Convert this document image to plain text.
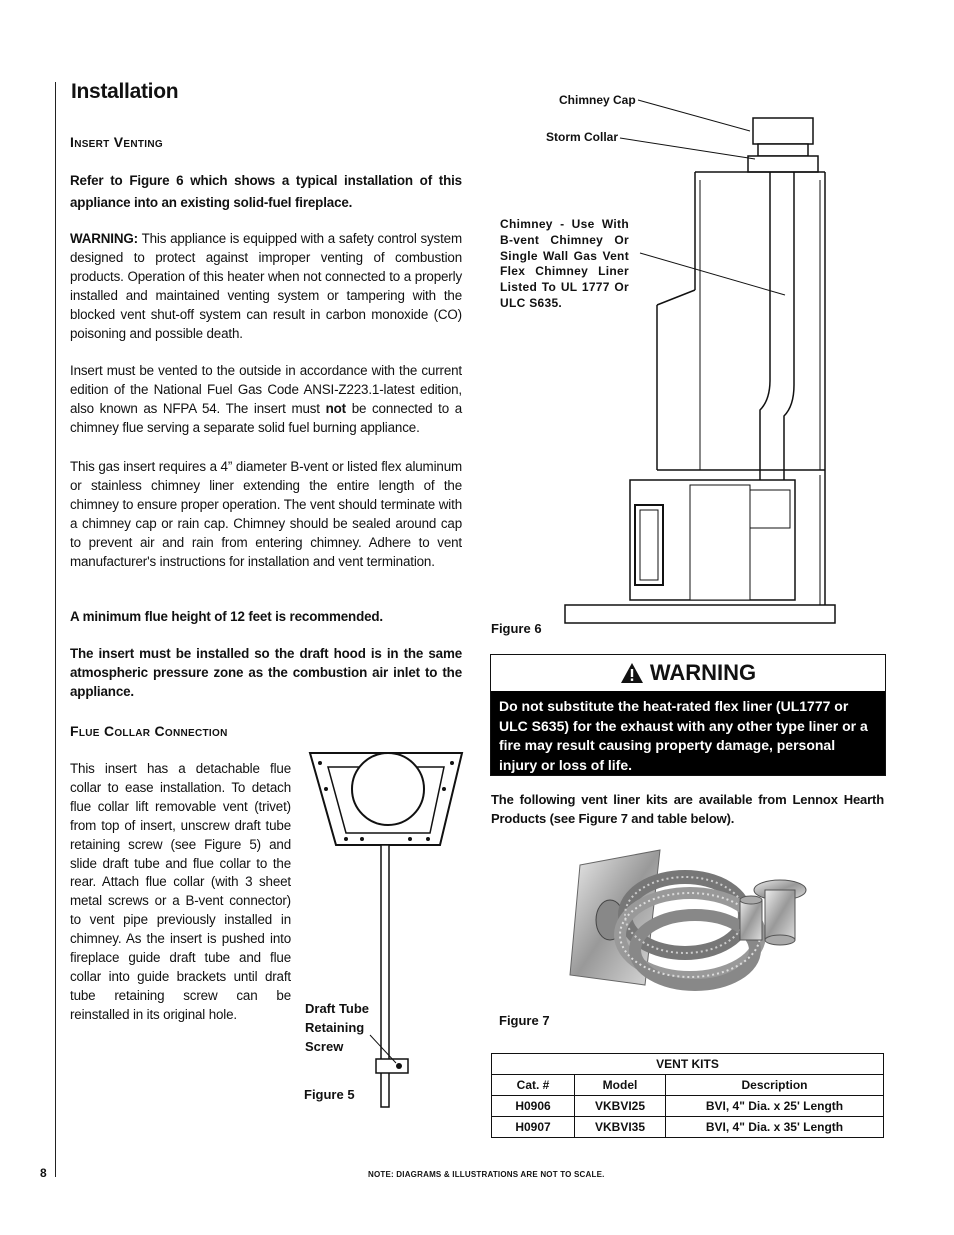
Installation
Insert Venting
Refer to Figure 6 which shows a typical installation of this appliance into an existing solid-fuel fireplace.
WARNING: This appliance is equipped with a safety control system designed to protect against improper venting of combustion products. Operation of this heater when not connected to a properly installed and maintained venting system or tampering with the blocked vent shut-off system can result in carbon monoxide (CO) poisoning and possible death.
Insert must be vented to the outside in accordance with the current edition of the National Fuel Gas Code ANSI-Z223.1-latest edition, also known as NFPA 54. The insert must not be connected to a chimney flue serving a separate solid fuel burning appliance.
This gas insert requires a 4” diameter B-vent or listed flex aluminum or stainless chimney liner extending the entire length of the chimney to ensure proper operation. The vent should terminate with a chimney cap or rain cap. Chimney should be sealed around cap to prevent air and rain from entering chimney. Adhere to vent manufacturer's instructions for installation and vent termination.
A minimum flue height of 12 feet is recommended.
The insert must be installed so the draft hood is in the same atmospheric pressure zone as the combustion air inlet to the appliance.
Flue Collar Connection
This insert has a detachable flue collar to ease installation. To detach flue collar lift removable vent (trivet) from top of insert, unscrew draft tube retaining screw (see Figure 5) and slide draft tube and flue collar to the rear. Attach flue collar (with 3 sheet metal screws or a B-vent connector) to vent pipe previously installed in chimney. As the insert is pushed into fireplace guide draft tube and flue collar into guide brackets until draft tube retaining screw can be reinstalled in its original hole.	Draft Tube
Retaining
Screw
Figure 5
Chimney Cap
Storm Collar
Chimney - Use With B-vent Chimney Or Single Wall Gas Vent Flex Chimney Liner Listed To UL 1777 Or ULC S635.
Figure 6
WARNING
Do not substitute the heat-rated flex liner (UL1777 or ULC S635) for the exhaust with any other type liner or a fire may result causing property damage, personal injury or loss of life.
The following vent liner kits are available from Lennox Hearth Products (see Figure 7 and table below).
Figure 7
VENT KITS		
Cat. #	Model	Description
H0906	VKBVI25	BVI, 4" Dia. x 25' Length
H0907	VKBVI35	BVI, 4" Dia. x 35' Length
8	NOTE: DIAGRAMS & ILLUSTRATIONS ARE NOT TO SCALE.
